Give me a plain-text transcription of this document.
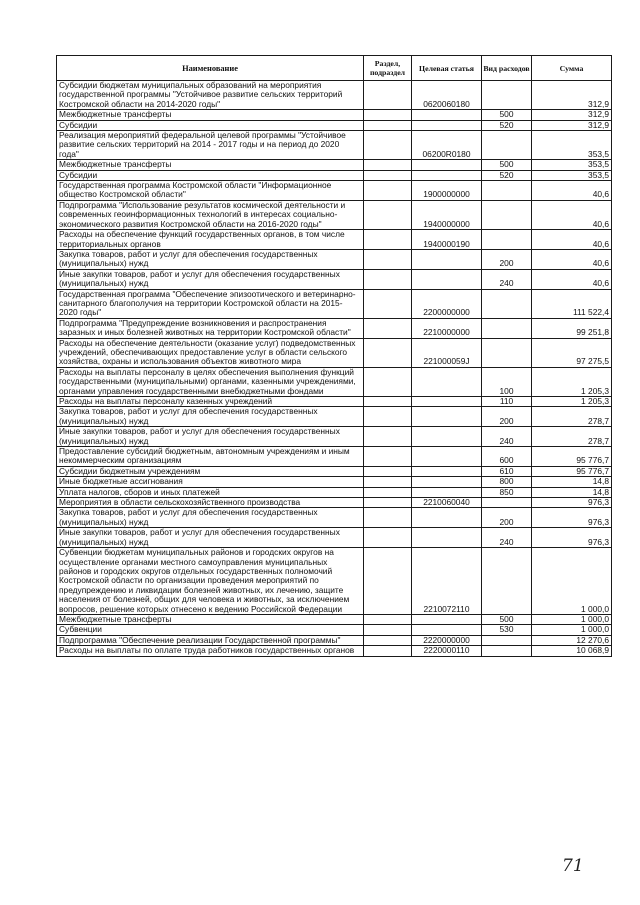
Наименование	Раздел, подраздел	Целевая статья	Вид расходов	Сумма
Субсидии бюджетам муниципальных образований на мероприятия государственной программы "Устойчивое развитие сельских территорий Костромской области на 2014-2020 годы"		0620060180		312,9
Межбюджетные трансферты			500	312,9
Субсидии			520	312,9
Реализация мероприятий федеральной целевой программы "Устойчивое развитие сельских территорий на 2014 - 2017 годы и на период до 2020 года"		06200R0180		353,5
Межбюджетные трансферты			500	353,5
Субсидии			520	353,5
Государственная программа Костромской области "Информационное общество Костромской области"		1900000000		40,6
Подпрограмма "Использование результатов космической деятельности и современных геоинформационных технологий в интересах социально-экономического развития Костромской области на 2016-2020 годы"		1940000000		40,6
Расходы на обеспечение функций государственных органов, в том числе территориальных органов		1940000190		40,6
Закупка товаров, работ и услуг для обеспечения государственных (муниципальных) нужд			200	40,6
Иные закупки товаров, работ и услуг для обеспечения государственных (муниципальных) нужд			240	40,6
Государственная программа "Обеспечение эпизоотического и ветеринарно-санитарного благополучия на территории Костромской области на 2015-2020 годы"		2200000000		111 522,4
Подпрограмма "Предупреждение возникновения и распространения заразных и иных болезней животных на территории Костромской области"		2210000000		99 251,8
Расходы на обеспечение деятельности (оказание услуг) подведомственных учреждений, обеспечивающих предоставление услуг в области сельского хозяйства, охраны и использования объектов животного мира		221000059J		97 275,5
Расходы на выплаты персоналу в целях обеспечения выполнения функций государственными (муниципальными) органами, казенными учреждениями, органами управления государственными внебюджетными фондами			100	1 205,3
Расходы на выплаты персоналу казенных учреждений			110	1 205,3
Закупка товаров, работ и услуг для обеспечения государственных (муниципальных) нужд			200	278,7
Иные закупки товаров, работ и услуг для обеспечения государственных (муниципальных) нужд			240	278,7
Предоставление субсидий бюджетным, автономным учреждениям и иным некоммерческим организациям			600	95 776,7
Субсидии бюджетным учреждениям			610	95 776,7
Иные бюджетные ассигнования			800	14,8
Уплата налогов, сборов и иных платежей			850	14,8
Мероприятия в области сельскохозяйственного производства		2210060040		976,3
Закупка товаров, работ и услуг для обеспечения государственных (муниципальных) нужд			200	976,3
Иные закупки товаров, работ и услуг для обеспечения государственных (муниципальных) нужд			240	976,3
Субвенции бюджетам муниципальных районов и городских округов на осуществление органами местного самоуправления муниципальных районов и городских округов отдельных государственных полномочий Костромской области по организации проведения мероприятий по предупреждению и ликвидации болезней животных, их лечению, защите населения от болезней, общих для человека и животных, за исключением вопросов, решение которых отнесено к ведению Российской Федерации		2210072110		1 000,0
Межбюджетные трансферты			500	1 000,0
Субвенции			530	1 000,0
Подпрограмма "Обеспечение реализации Государственной программы"		2220000000		12 270,6
Расходы на выплаты по оплате труда работников государственных органов		2220000110		10 068,9
71
